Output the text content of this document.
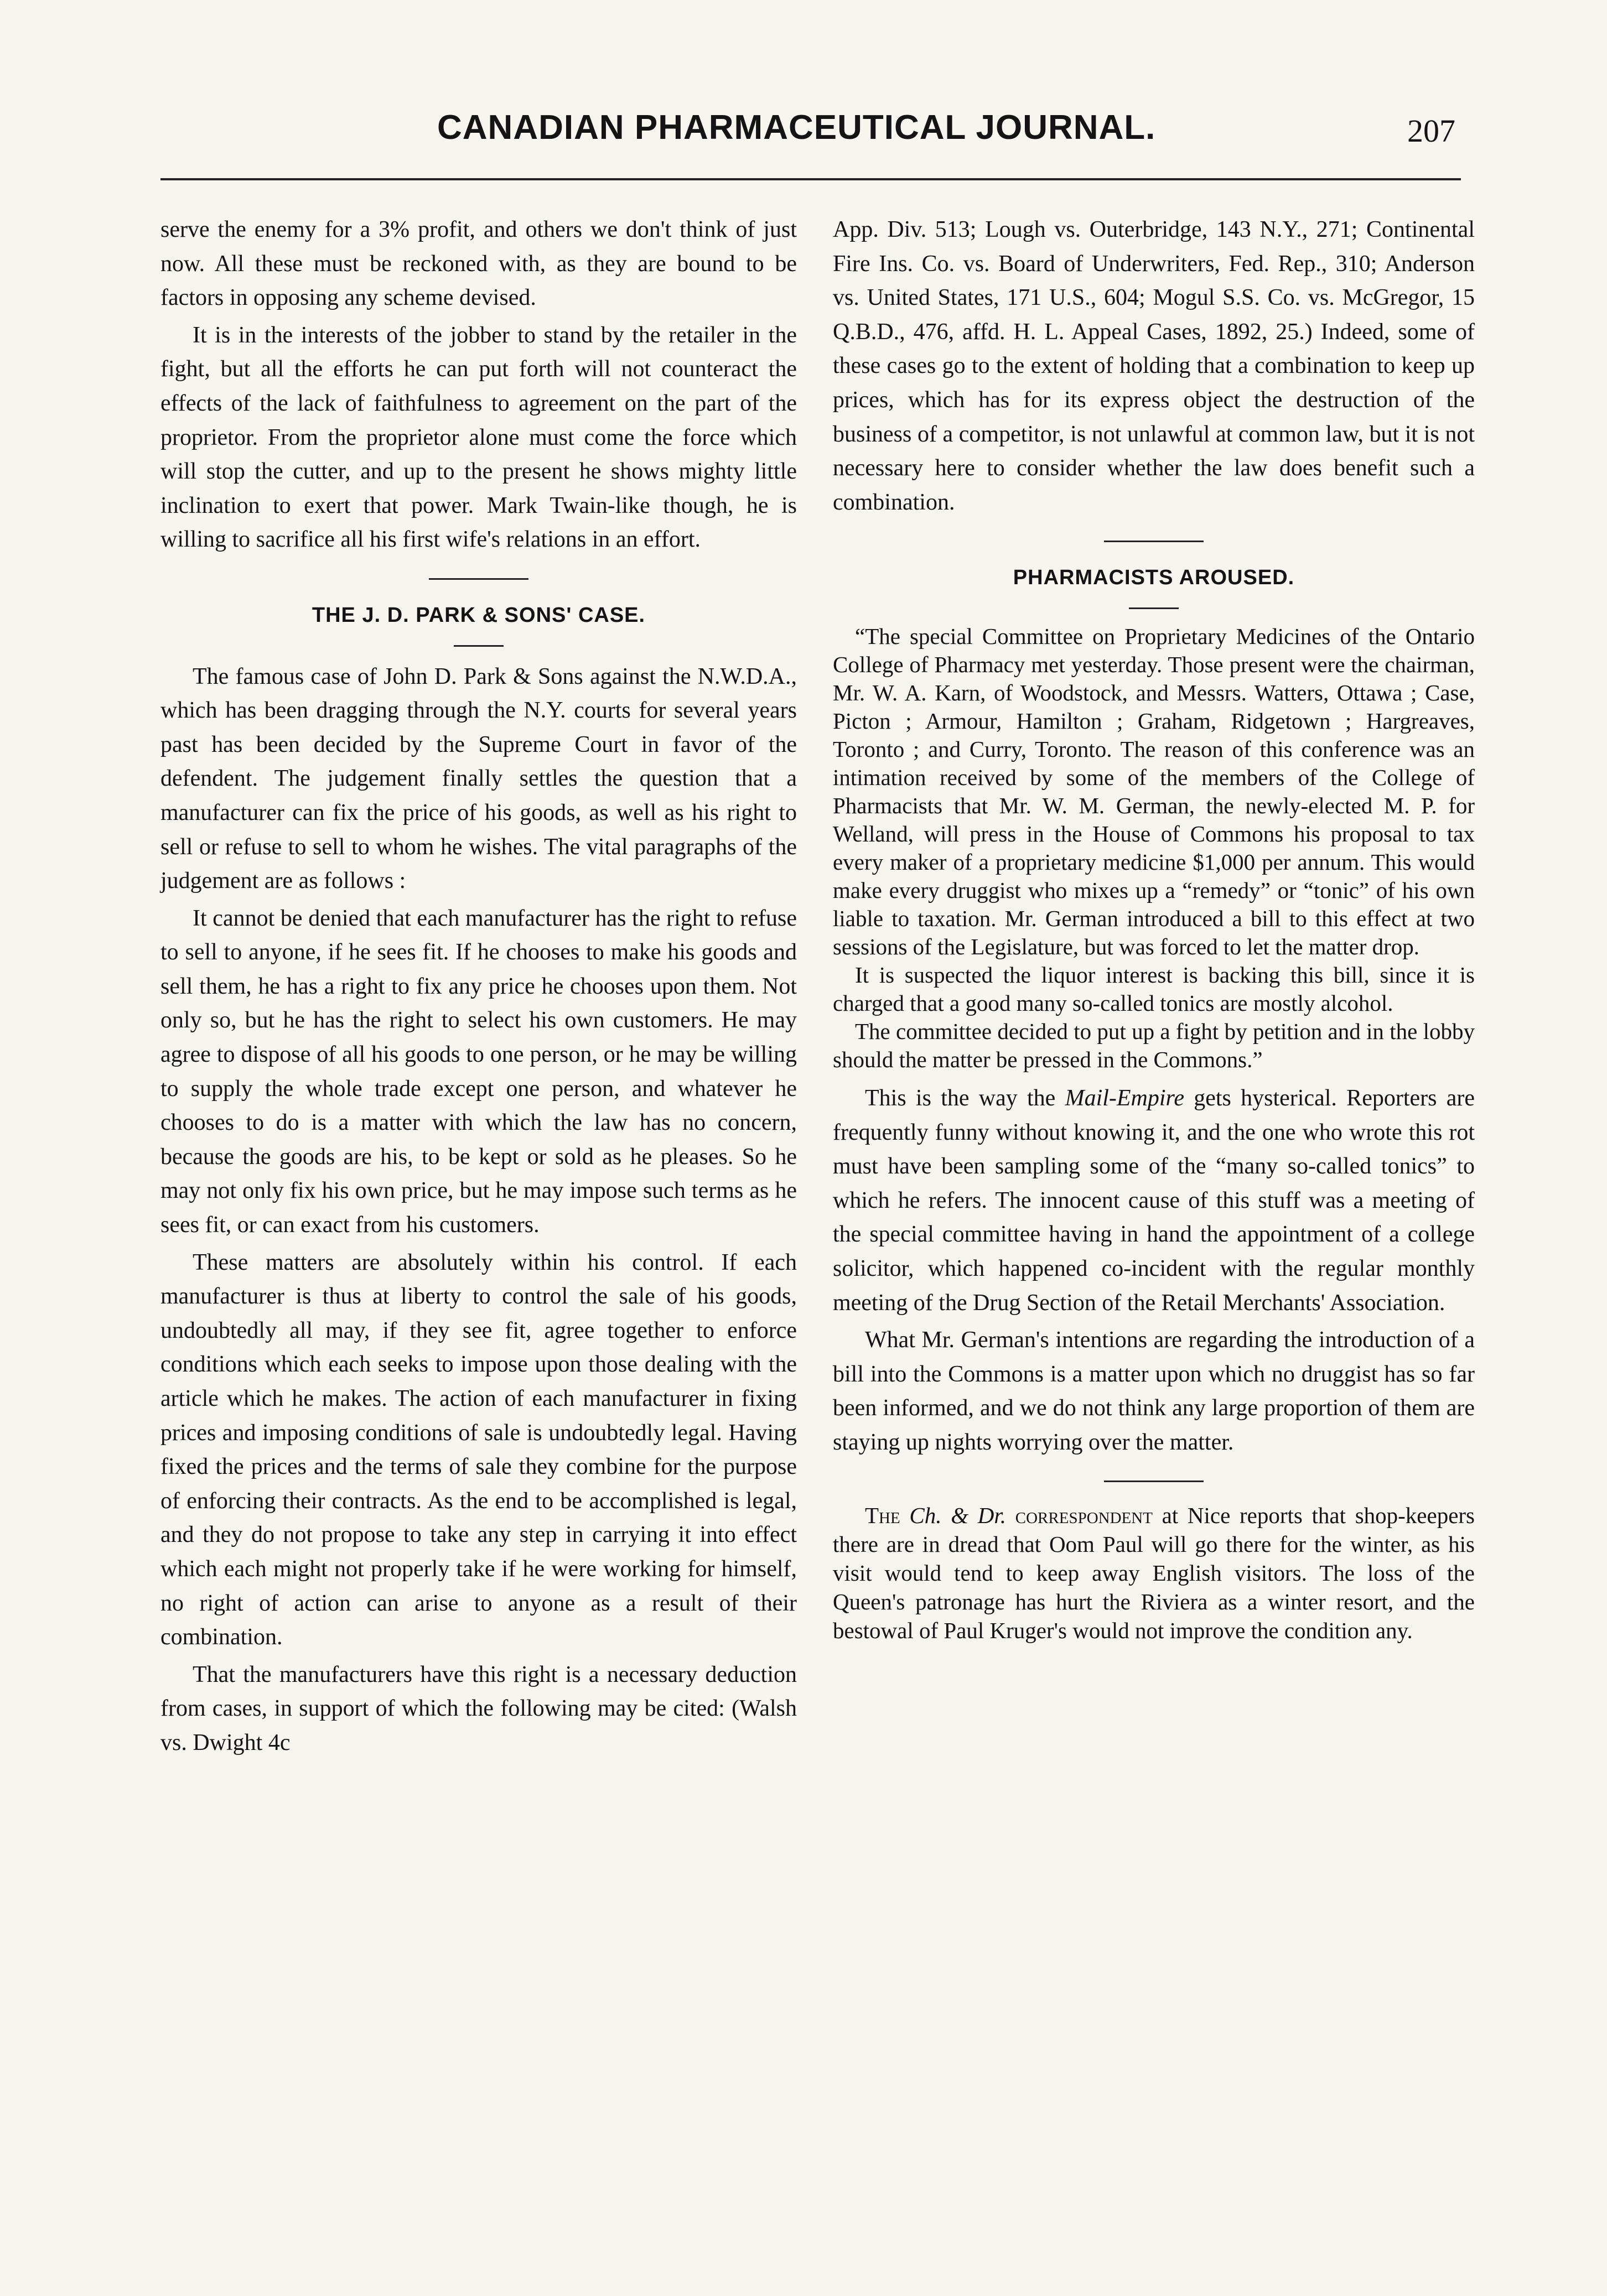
CANADIAN PHARMACEUTICAL JOURNAL.	207

serve the enemy for a 3% profit, and others we don't think of just now. All these must be reckoned with, as they are bound to be factors in opposing any scheme devised.

It is in the interests of the jobber to stand by the retailer in the fight, but all the efforts he can put forth will not counteract the effects of the lack of faithfulness to agreement on the part of the proprietor. From the proprietor alone must come the force which will stop the cutter, and up to the present he shows mighty little inclination to exert that power. Mark Twain-like though, he is willing to sacrifice all his first wife's relations in an effort.

THE J. D. PARK & SONS' CASE.

The famous case of John D. Park & Sons against the N.W.D.A., which has been dragging through the N.Y. courts for several years past has been decided by the Supreme Court in favor of the defendent. The judgement finally settles the question that a manufacturer can fix the price of his goods, as well as his right to sell or refuse to sell to whom he wishes. The vital paragraphs of the judgement are as follows :

It cannot be denied that each manufacturer has the right to refuse to sell to anyone, if he sees fit. If he chooses to make his goods and sell them, he has a right to fix any price he chooses upon them. Not only so, but he has the right to select his own customers. He may agree to dispose of all his goods to one person, or he may be willing to supply the whole trade except one person, and whatever he chooses to do is a matter with which the law has no concern, because the goods are his, to be kept or sold as he pleases. So he may not only fix his own price, but he may impose such terms as he sees fit, or can exact from his customers.

These matters are absolutely within his control. If each manufacturer is thus at liberty to control the sale of his goods, undoubtedly all may, if they see fit, agree together to enforce conditions which each seeks to impose upon those dealing with the article which he makes. The action of each manufacturer in fixing prices and imposing conditions of sale is undoubtedly legal. Having fixed the prices and the terms of sale they combine for the purpose of enforcing their contracts. As the end to be accomplished is legal, and they do not propose to take any step in carrying it into effect which each might not properly take if he were working for himself, no right of action can arise to anyone as a result of their combination.

That the manufacturers have this right is a necessary deduction from cases, in support of which the following may be cited: (Walsh vs. Dwight 4c

App. Div. 513; Lough vs. Outerbridge, 143 N.Y., 271; Continental Fire Ins. Co. vs. Board of Underwriters, Fed. Rep., 310; Anderson vs. United States, 171 U.S., 604; Mogul S.S. Co. vs. McGregor, 15 Q.B.D., 476, affd. H. L. Appeal Cases, 1892, 25.) Indeed, some of these cases go to the extent of holding that a combination to keep up prices, which has for its express object the destruction of the business of a competitor, is not unlawful at common law, but it is not necessary here to consider whether the law does benefit such a combination.

PHARMACISTS AROUSED.

“The special Committee on Proprietary Medicines of the Ontario College of Pharmacy met yesterday. Those present were the chairman, Mr. W. A. Karn, of Woodstock, and Messrs. Watters, Ottawa ; Case, Picton ; Armour, Hamilton ; Graham, Ridgetown ; Hargreaves, Toronto ; and Curry, Toronto. The reason of this conference was an intimation received by some of the members of the College of Pharmacists that Mr. W. M. German, the newly-elected M. P. for Welland, will press in the House of Commons his proposal to tax every maker of a proprietary medicine $1,000 per annum. This would make every druggist who mixes up a “remedy” or “tonic” of his own liable to taxation. Mr. German introduced a bill to this effect at two sessions of the Legislature, but was forced to let the matter drop.

It is suspected the liquor interest is backing this bill, since it is charged that a good many so-called tonics are mostly alcohol.

The committee decided to put up a fight by petition and in the lobby should the matter be pressed in the Commons.”

This is the way the Mail-Empire gets hysterical. Reporters are frequently funny without knowing it, and the one who wrote this rot must have been sampling some of the “many so-called tonics” to which he refers. The innocent cause of this stuff was a meeting of the special committee having in hand the appointment of a college solicitor, which happened co-incident with the regular monthly meeting of the Drug Section of the Retail Merchants' Association.

What Mr. German's intentions are regarding the introduction of a bill into the Commons is a matter upon which no druggist has so far been informed, and we do not think any large proportion of them are staying up nights worrying over the matter.

The Ch. & Dr. correspondent at Nice reports that shop-keepers there are in dread that Oom Paul will go there for the winter, as his visit would tend to keep away English visitors. The loss of the Queen's patronage has hurt the Riviera as a winter resort, and the bestowal of Paul Kruger's would not improve the condition any.
